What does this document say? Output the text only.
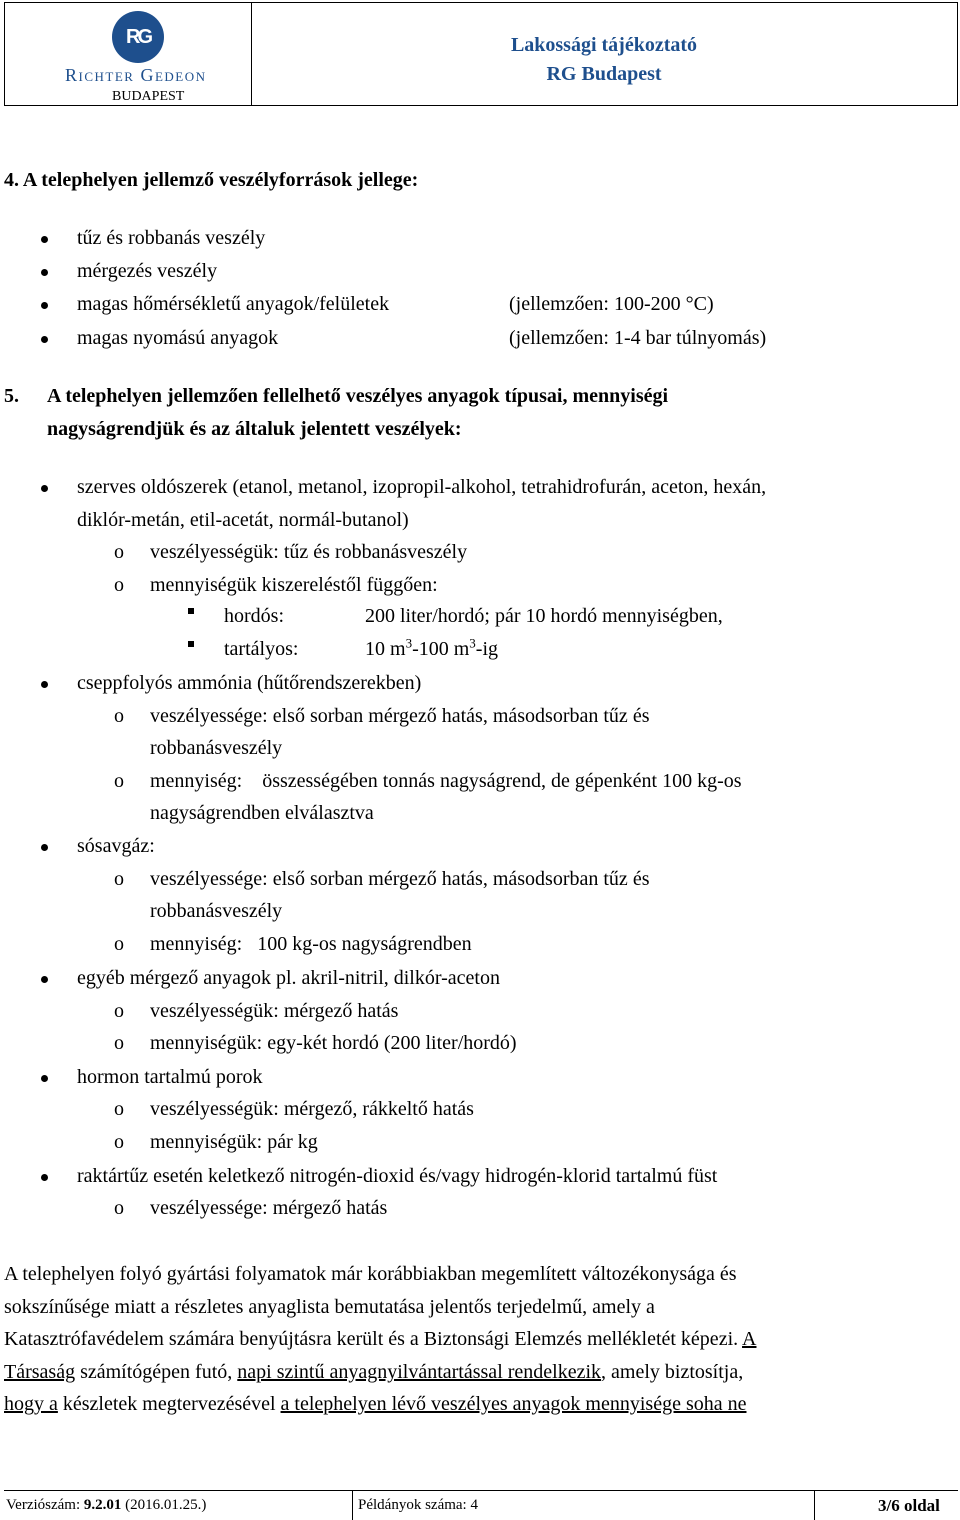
RG
Richter Gedeon
BUDAPEST
Lakossági tájékoztató
RG Budapest
4. A telephelyen jellemző veszélyforrások jellege:
tűz és robbanás veszély
mérgezés veszély
magas hőmérsékletű anyagok/felületek	(jellemzően: 100-200 °C)
magas nyomású anyagok	(jellemzően: 1-4 bar túlnyomás)
5. A telephelyen jellemzően fellelhető veszélyes anyagok típusai, mennyiségi
nagyságrendjük és az általuk jelentett veszélyek:
szerves oldószerek (etanol, metanol, izopropil-alkohol, tetrahidrofurán, aceton, hexán,
diklór-metán, etil-acetát, normál-butanol)
o veszélyességük: tűz és robbanásveszély
o mennyiségük kiszereléstől függően:
hordós:	200 liter/hordó; pár 10 hordó mennyiségben,
tartályos:	10 $m^3-100$ $m^3-ig$
cseppfolyós ammónia (hűtőrendszerekben)
o veszélyessége: első sorban mérgező hatás, másodsorban tűz és
robbanásveszély
o mennyiség:    összességében tonnás nagyságrend, de gépenként 100 kg-os
nagyságrendben elválasztva
sósavgáz:
o veszélyessége: első sorban mérgező hatás, másodsorban tűz és
robbanásveszély
o mennyiség:   100 kg-os nagyságrendben
egyéb mérgező anyagok pl. akril-nitril, dilkór-aceton
o veszélyességük: mérgező hatás
o mennyiségük: egy-két hordó (200 liter/hordó)
hormon tartalmú porok
o veszélyességük: mérgező, rákkeltő hatás
o mennyiségük: pár kg
raktártűz esetén keletkező nitrogén-dioxid és/vagy hidrogén-klorid tartalmú füst
o veszélyessége: mérgező hatás
A telephelyen folyó gyártási folyamatok már korábbiakban megemlített változékonysága és
sokszínűsége miatt a részletes anyaglista bemutatása jelentős terjedelmű, amely a
Katasztrófavédelem számára benyújtásra került és a Biztonsági Elemzés mellékletét képezi. A
Társaság számítógépen futó, napi szintű anyagnyilvántartással rendelkezik, amely biztosítja,
hogy a készletek megtervezésével a telephelyen lévő veszélyes anyagok mennyisége soha ne
Verziószám: 9.2.01 (2016.01.25.)	Példányok száma: 4	3/6 oldal
